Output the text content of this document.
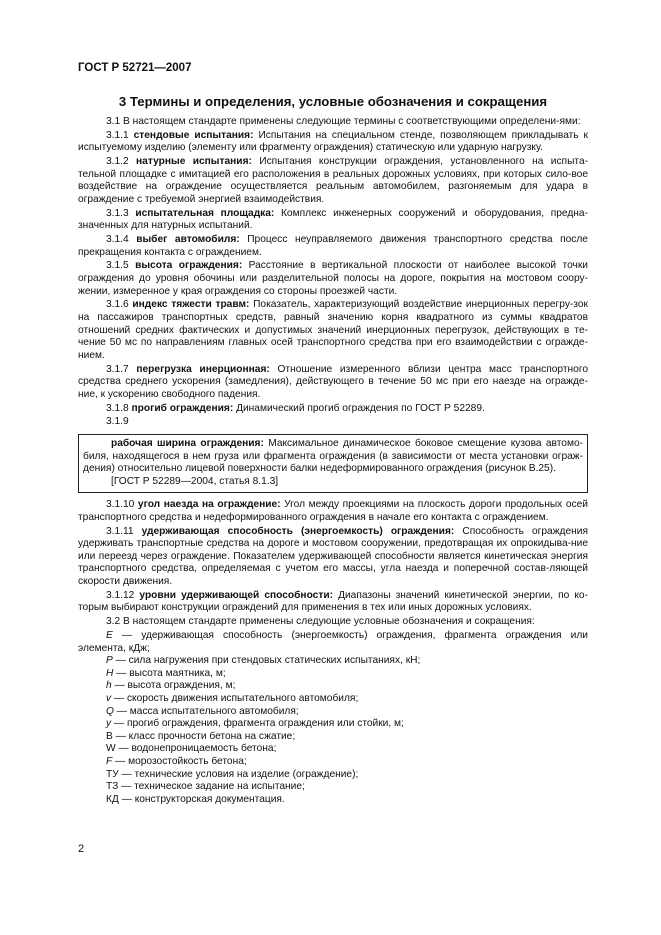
ГОСТ Р 52721—2007
3 Термины и определения, условные обозначения и сокращения

3.1 В настоящем стандарте применены следующие термины с соответствующими определени-ями:

3.1.1 стендовые испытания: Испытания на специальном стенде, позволяющем прикладывать к испытуемому изделию (элементу или фрагменту ограждения) статическую или ударную нагрузку.

3.1.2 натурные испытания: Испытания конструкции ограждения, установленного на испыта-тельной площадке с имитацией его расположения в реальных дорожных условиях, при которых сило-вое воздействие на ограждение осуществляется реальным автомобилем, разгоняемым для удара в ограждение с требуемой энергией взаимодействия.

3.1.3 испытательная площадка: Комплекс инженерных сооружений и оборудования, предна-значенных для натурных испытаний.

3.1.4 выбег автомобиля: Процесс неуправляемого движения транспортного средства после прекращения контакта с ограждением.

3.1.5 высота ограждения: Расстояние в вертикальной плоскости от наиболее высокой точки ограждения до уровня обочины или разделительной полосы на дороге, покрытия на мостовом соору-жении, измеренное у края ограждения со стороны проезжей части.

3.1.6 индекс тяжести травм: Показатель, характеризующий воздействие инерционных перегру-зок на пассажиров транспортных средств, равный значению корня квадратного из суммы квадратов отношений средних фактических и допустимых значений инерционных перегрузок, действующих в те-чение 50 мс по направлениям главных осей транспортного средства при его взаимодействии с огражде-нием.

3.1.7 перегрузка инерционная: Отношение измеренного вблизи центра масс транспортного средства среднего ускорения (замедления), действующего в течение 50 мс при его наезде на огражде-ние, к ускорению свободного падения.

3.1.8 прогиб ограждения: Динамический прогиб ограждения по ГОСТ Р 52289.

3.1.9

рабочая ширина ограждения: Максимальное динамическое боковое смещение кузова автомо-биля, находящегося в нем груза или фрагмента ограждения (в зависимости от места установки ограж-дения) относительно лицевой поверхности балки недеформированного ограждения (рисунок В.25).

[ГОСТ Р 52289—2004, статья 8.1.3]

3.1.10 угол наезда на ограждение: Угол между проекциями на плоскость дороги продольных осей транспортного средства и недеформированного ограждения в начале его контакта с ограждением.

3.1.11 удерживающая способность (энергоемкость) ограждения: Способность ограждения удерживать транспортные средства на дороге и мостовом сооружении, предотвращая их опрокидыва-ние или переезд через ограждение. Показателем удерживающей способности является кинетическая энергия транспортного средства, определяемая с учетом его массы, угла наезда и поперечной состав-ляющей скорости движения.

3.1.12 уровни удерживающей способности: Диапазоны значений кинетической энергии, по ко-торым выбирают конструкции ограждений для применения в тех или иных дорожных условиях.

3.2 В настоящем стандарте применены следующие условные обозначения и сокращения:

E — удерживающая способность (энергоемкость) ограждения, фрагмента ограждения или элемента, кДж;

P — сила нагружения при стендовых статических испытаниях, кН;

H — высота маятника, м;

h — высота ограждения, м;

v — скорость движения испытательного автомобиля;

Q — масса испытательного автомобиля;

y — прогиб ограждения, фрагмента ограждения или стойки, м;

B — класс прочности бетона на сжатие;

W — водонепроницаемость бетона;

F — морозостойкость бетона;

ТУ — технические условия на изделие (ограждение);

ТЗ — техническое задание на испытание;

КД — конструкторская документация.

2
